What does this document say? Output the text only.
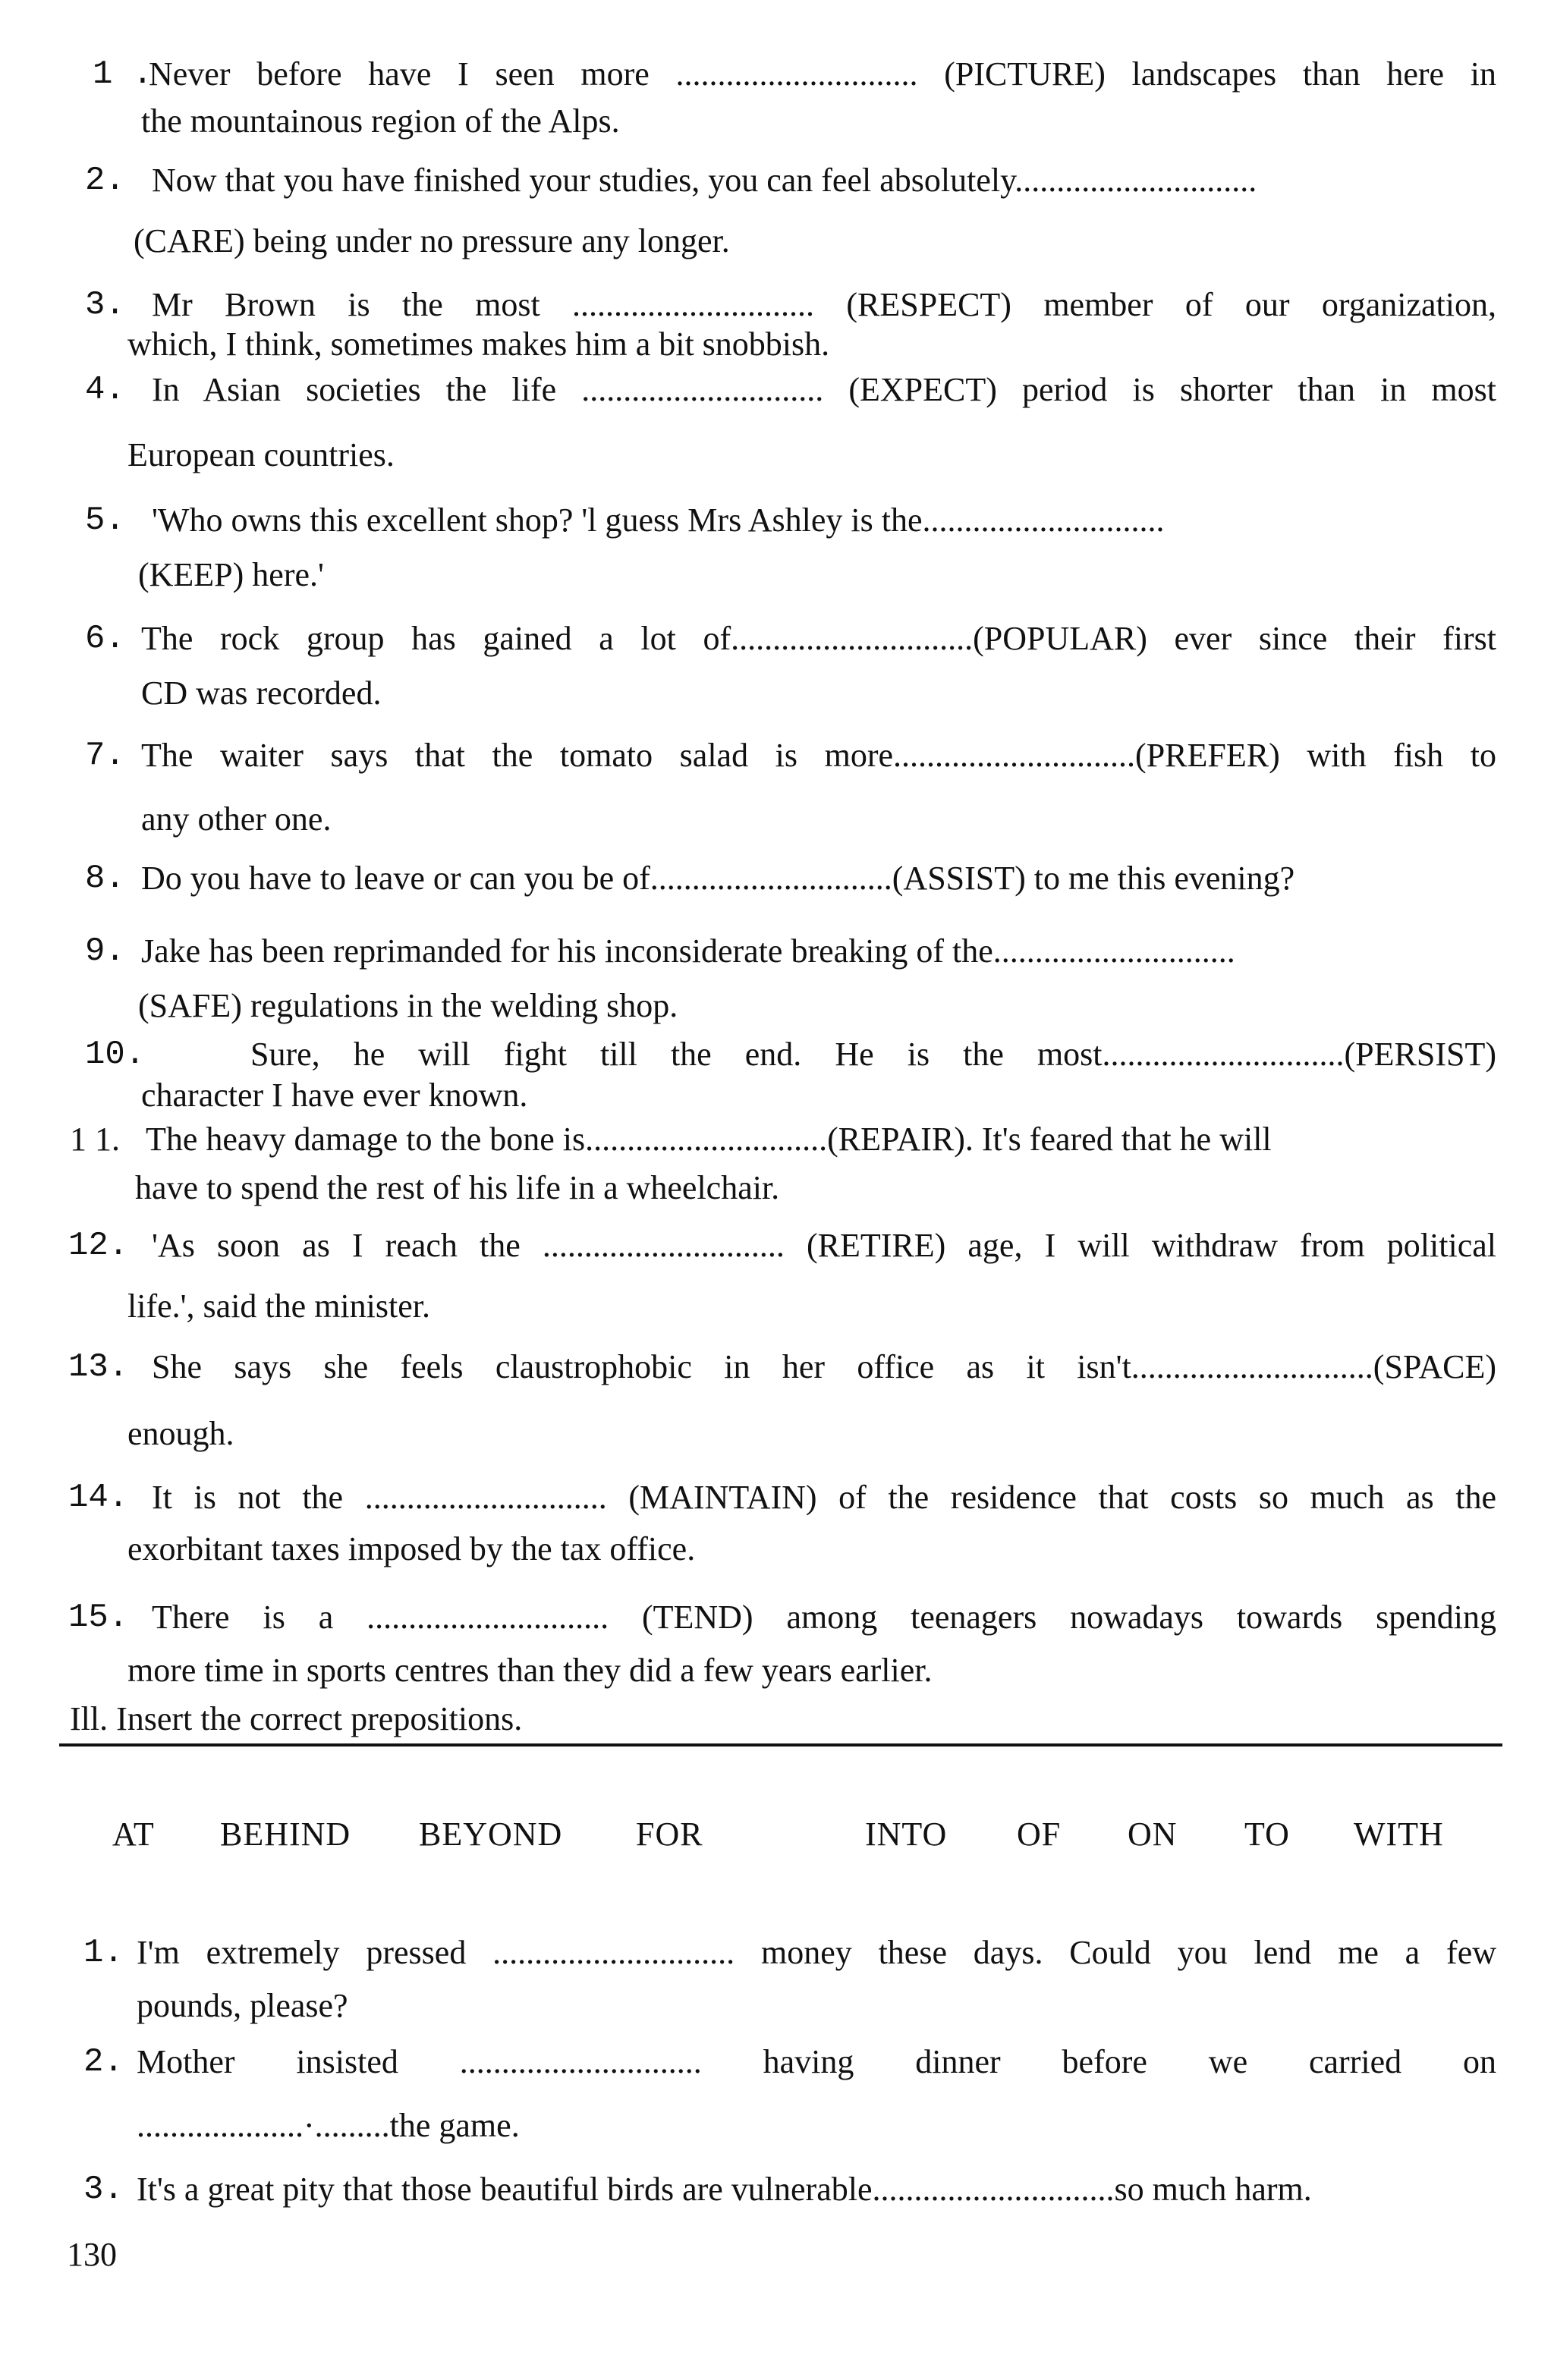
1 .
Never before have I seen more ............................. (PICTURE) landscapes than here in
the mountainous region of the Alps.
2. Now that you have finished your studies, you can feel absolutely.............................
(CARE) being under no pressure any longer.
3. Mr Brown is the most ............................. (RESPECT) member of our organization,
which, I think, sometimes makes him a bit snobbish.
4. In Asian societies the life ............................. (EXPECT) period is shorter than in most
European countries.
5. 'Who owns this excellent shop? 'l guess Mrs Ashley is the.............................
(KEEP) here.'
6. The rock group has gained a lot of.............................(POPULAR) ever since their first
CD was recorded.
7. The waiter says that the tomato salad is more.............................(PREFER) with fish to
any other one.
8. Do you have to leave or can you be of.............................(ASSIST) to me this evening?
9. Jake has been reprimanded for his inconsiderate breaking of the.............................
(SAFE) regulations in the welding shop.
10.	Sure, he will fight till the end. He is the most.............................(PERSIST)
character I have ever known.
1 1. The heavy damage to the bone is.............................(REPAIR). It's feared that he will
have to spend the rest of his life in a wheelchair.
12. 'As soon as I reach the ............................. (RETIRE) age, I will withdraw from political
life.', said the minister.
13. She says she feels claustrophobic in her office as it isn't.............................(SPACE)
enough.
14. It is not the ............................. (MAINTAIN) of the residence that costs so much as the
exorbitant taxes imposed by the tax office.
15. There is a ............................. (TEND) among teenagers nowadays towards spending
more time in sports centres than they did a few years earlier.
Ill. Insert the correct prepositions.
AT BEHIND BEYOND FOR	INTO OF ON TO WITH
1. I'm extremely pressed ............................. money these days. Could you lend me a few
pounds, please?
2. Mother insisted ............................. having dinner before we carried on
....................·.........the game.
3. It's a great pity that those beautiful birds are vulnerable.............................so much harm.
130
